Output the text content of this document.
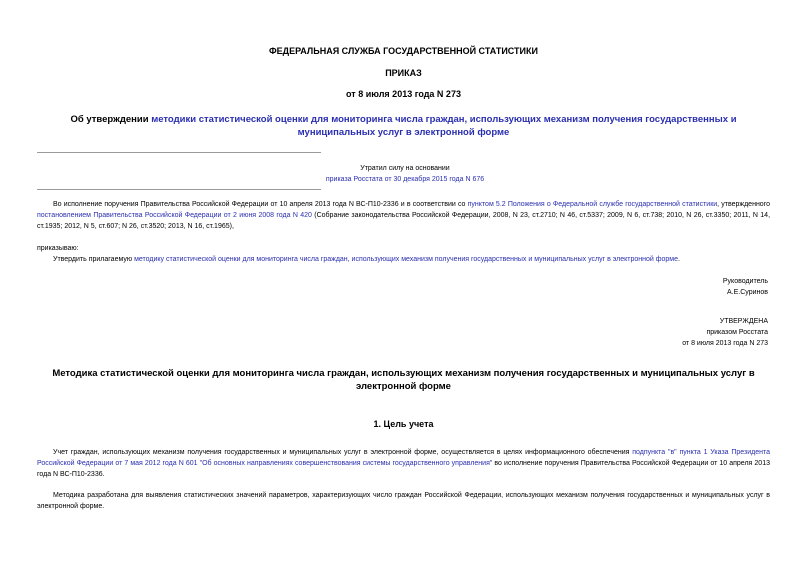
ФЕДЕРАЛЬНАЯ СЛУЖБА ГОСУДАРСТВЕННОЙ СТАТИСТИКИ
ПРИКАЗ
от 8 июля 2013 года N 273
Об утверждении методики статистической оценки для мониторинга числа граждан, использующих механизм получения государственных и муниципальных услуг в электронной форме
Утратил силу на основании
приказа Росстата от 30 декабря 2015 года N 676
Во исполнение поручения Правительства Российской Федерации от 10 апреля 2013 года N ВС-П10-2336 и в соответствии со пунктом 5.2 Положения о Федеральной службе государственной статистики, утвержденного постановлением Правительства Российской Федерации от 2 июня 2008 года N 420 (Собрание законодательства Российской Федерации, 2008, N 23, ст.2710; N 46, ст.5337; 2009, N 6, ст.738; 2010, N 26, ст.3350; 2011, N 14, ст.1935; 2012, N 5, ст.607; N 26, ст.3520; 2013, N 16, ст.1965),
приказываю:
Утвердить прилагаемую методику статистической оценки для мониторинга числа граждан, использующих механизм получения государственных и муниципальных услуг в электронной форме.
Руководитель
А.Е.Суринов
УТВЕРЖДЕНА
приказом Росстата
от 8 июля 2013 года N 273
Методика статистической оценки для мониторинга числа граждан, использующих механизм получения государственных и муниципальных услуг в электронной форме
1. Цель учета
Учет граждан, использующих механизм получения государственных и муниципальных услуг в электронной форме, осуществляется в целях информационного обеспечения подпункта "в" пункта 1 Указа Президента Российской Федерации от 7 мая 2012 года N 601 "Об основных направлениях совершенствования системы государственного управления" во исполнение поручения Правительства Российской Федерации от 10 апреля 2013 года N ВС-П10-2336.
Методика разработана для выявления статистических значений параметров, характеризующих число граждан Российской Федерации, использующих механизм получения государственных и муниципальных услуг в электронной форме.
